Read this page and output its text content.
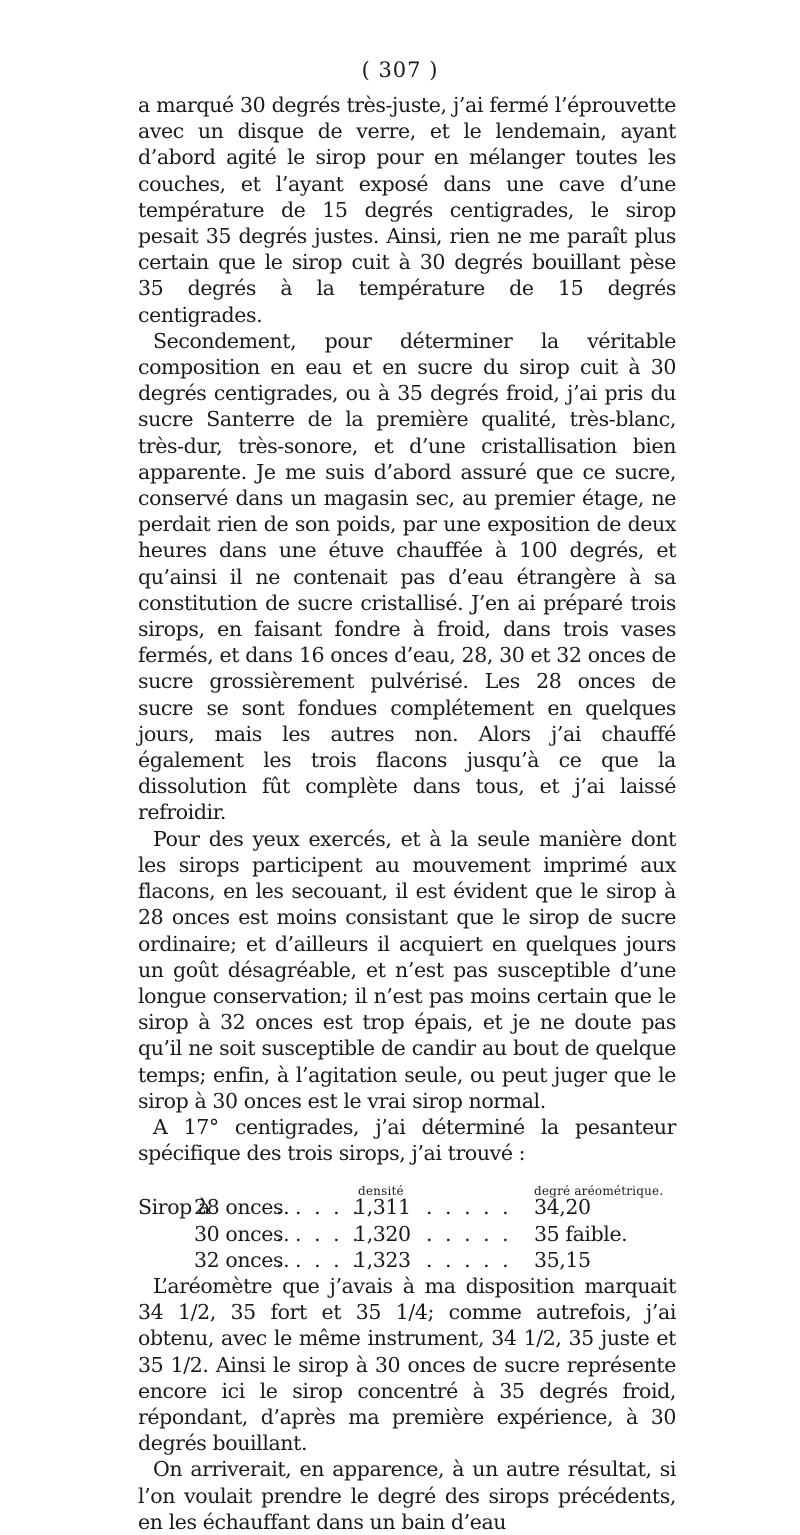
( 307 )

a marqué 30 degrés très-juste, j’ai fermé l’éprouvette avec un disque de verre, et le lendemain, ayant d’abord agité le sirop pour en mélanger toutes les couches, et l’ayant exposé dans une cave d’une température de 15 degrés centigrades, le sirop pesait 35 degrés justes. Ainsi, rien ne me paraît plus certain que le sirop cuit à 30 degrés bouillant pèse 35 degrés à la température de 15 degrés centigrades.

Secondement, pour déterminer la véritable composition en eau et en sucre du sirop cuit à 30 degrés centigrades, ou à 35 degrés froid, j’ai pris du sucre Santerre de la première qualité, très-blanc, très-dur, très-sonore, et d’une cristallisation bien apparente. Je me suis d’abord assuré que ce sucre, conservé dans un magasin sec, au premier étage, ne perdait rien de son poids, par une exposition de deux heures dans une étuve chauffée à 100 degrés, et qu’ainsi il ne contenait pas d’eau étrangère à sa constitution de sucre cristallisé. J’en ai préparé trois sirops, en faisant fondre à froid, dans trois vases fermés, et dans 16 onces d’eau, 28, 30 et 32 onces de sucre grossièrement pulvérisé. Les 28 onces de sucre se sont fondues complétement en quelques jours, mais les autres non. Alors j’ai chauffé également les trois flacons jusqu’à ce que la dissolution fût complète dans tous, et j’ai laissé refroidir.

Pour des yeux exercés, et à la seule manière dont les sirops participent au mouvement imprimé aux flacons, en les secouant, il est évident que le sirop à 28 onces est moins consistant que le sirop de sucre ordinaire; et d’ailleurs il acquiert en quelques jours un goût désagréable, et n’est pas susceptible d’une longue conservation; il n’est pas moins certain que le sirop à 32 onces est trop épais, et je ne doute pas qu’il ne soit susceptible de candir au bout de quelque temps; enfin, à l’agitation seule, ou peut juger que le sirop à 30 onces est le vrai sirop normal.

A 17° centigrades, j’ai déterminé la pesanteur spécifique des trois sirops, j’ai trouvé :

densité	degré aréométrique.
Sirop à
28 onces.
. . . . .
1,311 . . . . . 34,20
30 onces.
. . . . .
1,320 . . . . . 35 faible.
32 onces.
. . . . .
1,323 . . . . . 35,15

L’aréomètre que j’avais à ma disposition marquait 34 1/2, 35 fort et 35 1/4; comme autrefois, j’ai obtenu, avec le même instrument, 34 1/2, 35 juste et 35 1/2. Ainsi le sirop à 30 onces de sucre représente encore ici le sirop concentré à 35 degrés froid, répondant, d’après ma première expérience, à 30 degrés bouillant.

On arriverait, en apparence, à un autre résultat, si l’on voulait prendre le degré des sirops précédents, en les échauffant dans un bain d’eau
